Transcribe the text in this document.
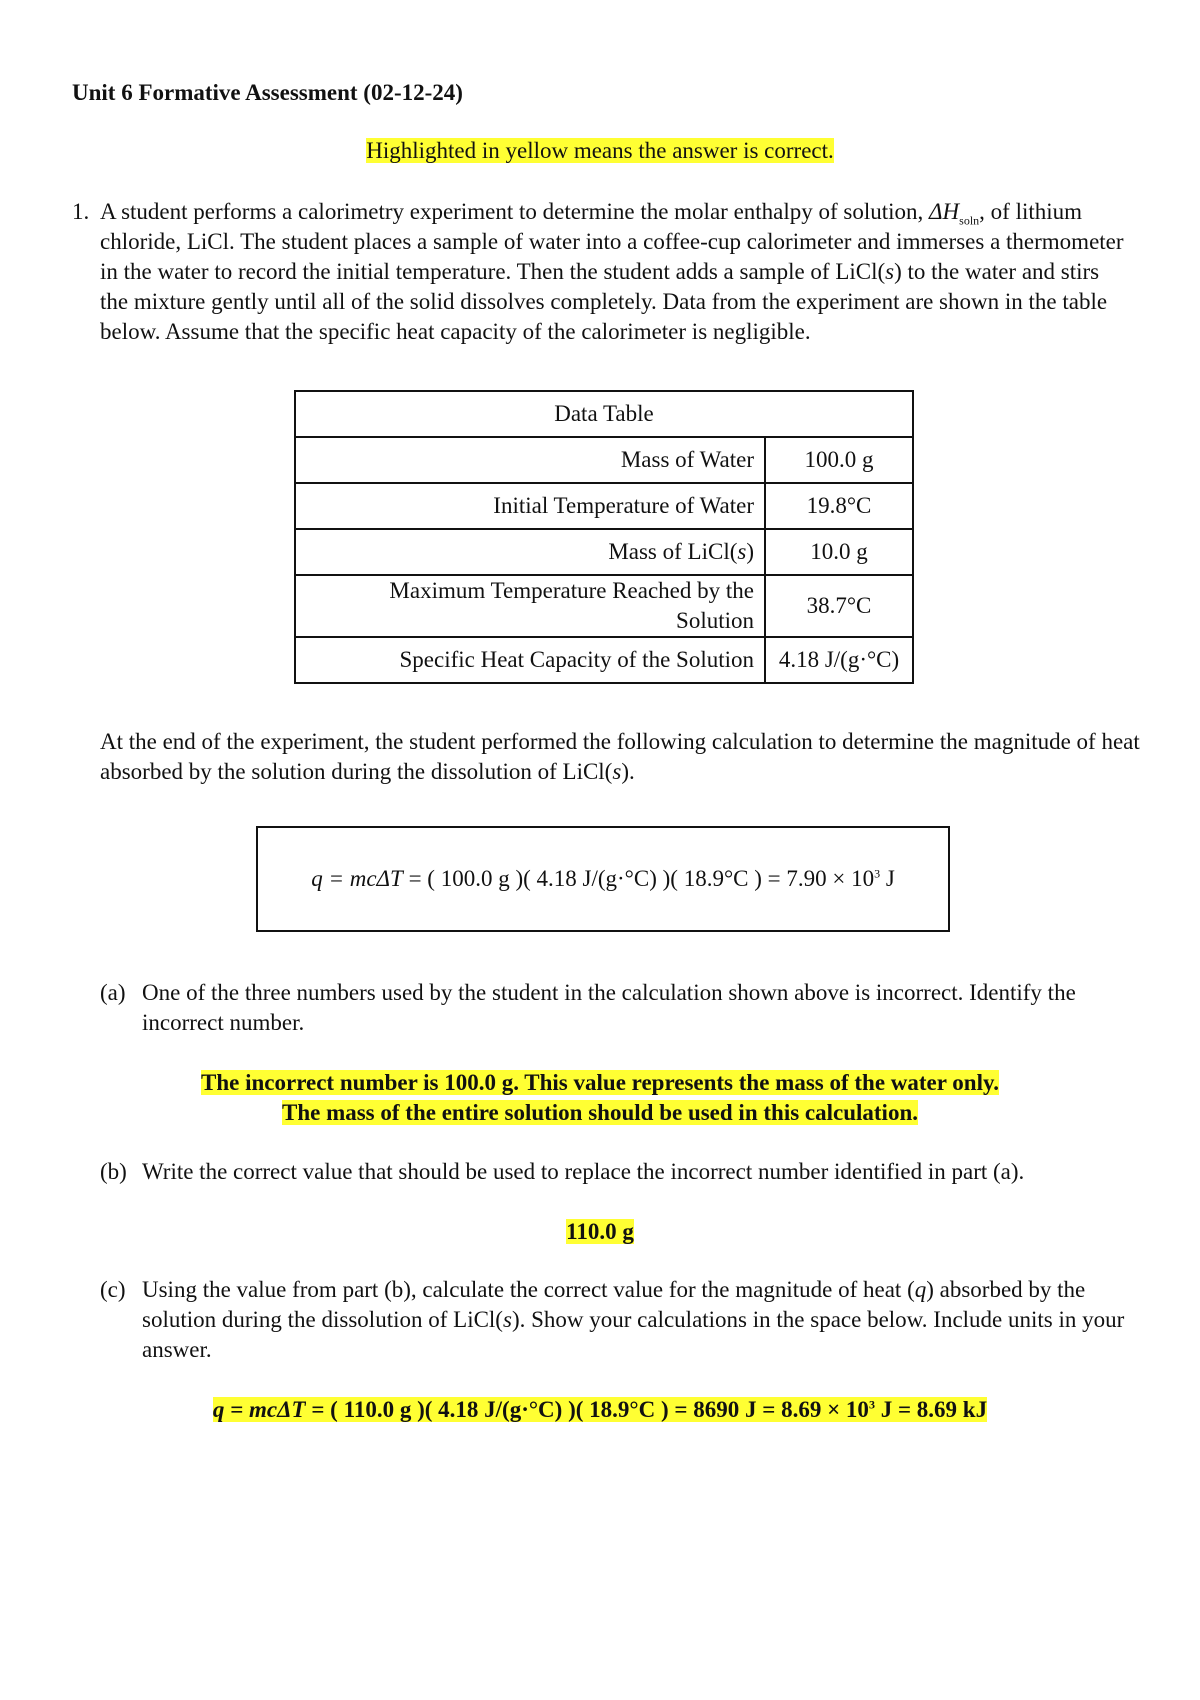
Unit 6 Formative Assessment (02-12-24)
Highlighted in yellow means the answer is correct.
1. A student performs a calorimetry experiment to determine the molar enthalpy of solution, $\Delta H_{soln}$, of lithium chloride, LiCl. The student places a sample of water into a coffee-cup calorimeter and immerses a thermometer in the water to record the initial temperature. Then the student adds a sample of LiCl(s) to the water and stirs the mixture gently until all of the solid dissolves completely. Data from the experiment are shown in the table below. Assume that the specific heat capacity of the calorimeter is negligible.
Data Table	
Mass of Water	100.0 g
Initial Temperature of Water	19.8°C
Mass of LiCl(s)	10.0 g
Maximum Temperature Reached by the Solution	38.7°C
Specific Heat Capacity of the Solution	4.18 J/(g·°C)
At the end of the experiment, the student performed the following calculation to determine the magnitude of heat absorbed by the solution during the dissolution of LiCl(s).
q = mcΔT = ( 100.0 g )( 4.18 J/(g·°C) )( 18.9°C ) = $7.90 \times 10^3$ J
(a) One of the three numbers used by the student in the calculation shown above is incorrect. Identify the incorrect number.
The incorrect number is 100.0 g. This value represents the mass of the water only.
The mass of the entire solution should be used in this calculation.
(b) Write the correct value that should be used to replace the incorrect number identified in part (a).
110.0 g
(c) Using the value from part (b), calculate the correct value for the magnitude of heat (q) absorbed by the solution during the dissolution of LiCl(s). Show your calculations in the space below. Include units in your answer.
q = mcΔT = ( 110.0 g )( 4.18 J/(g·°C) )( 18.9°C ) = 8690 $J = 8.69 \times 10^3$ J = 8.69 kJ
